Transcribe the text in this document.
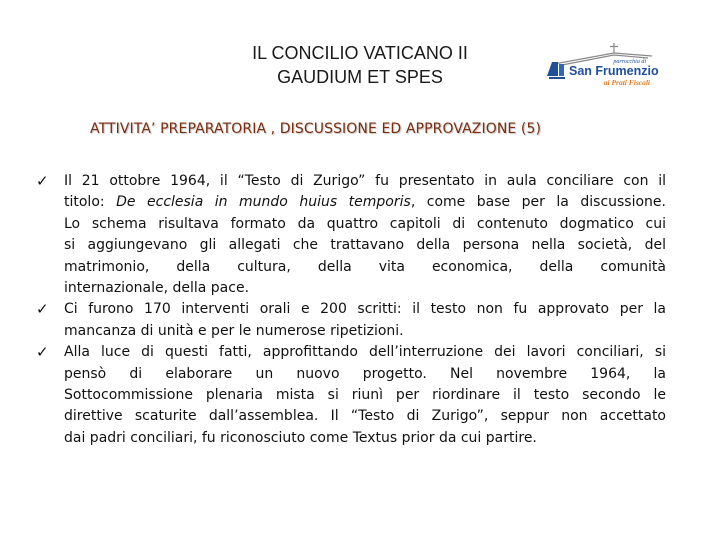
IL CONCILIO VATICANO II
GAUDIUM ET SPES
parrocchia di
San Frumenzio
ai Prati Fiscali
ATTIVITA’ PREPARATORIA , DISCUSSIONE ED APPROVAZIONE (5)
✓ Il 21 ottobre 1964, il “Testo di Zurigo” fu presentato in aula conciliare con il
titolo: De ecclesia in mundo huius temporis, come base per la discussione.
Lo schema risultava formato da quattro capitoli di contenuto dogmatico cui
si aggiungevano gli allegati che trattavano della persona nella società, del
matrimonio, della cultura, della vita economica, della comunità
internazionale, della pace.
✓ Ci furono 170 interventi orali e 200 scritti: il testo non fu approvato per la
mancanza di unità e per le numerose ripetizioni.
✓ Alla luce di questi fatti, approfittando dell’interruzione dei lavori conciliari, si
pensò di elaborare un nuovo progetto. Nel novembre 1964, la
Sottocommissione plenaria mista si riunì per riordinare il testo secondo le
direttive scaturite dall’assemblea. Il “Testo di Zurigo”, seppur non accettato
dai padri conciliari, fu riconosciuto come Textus prior da cui partire.
